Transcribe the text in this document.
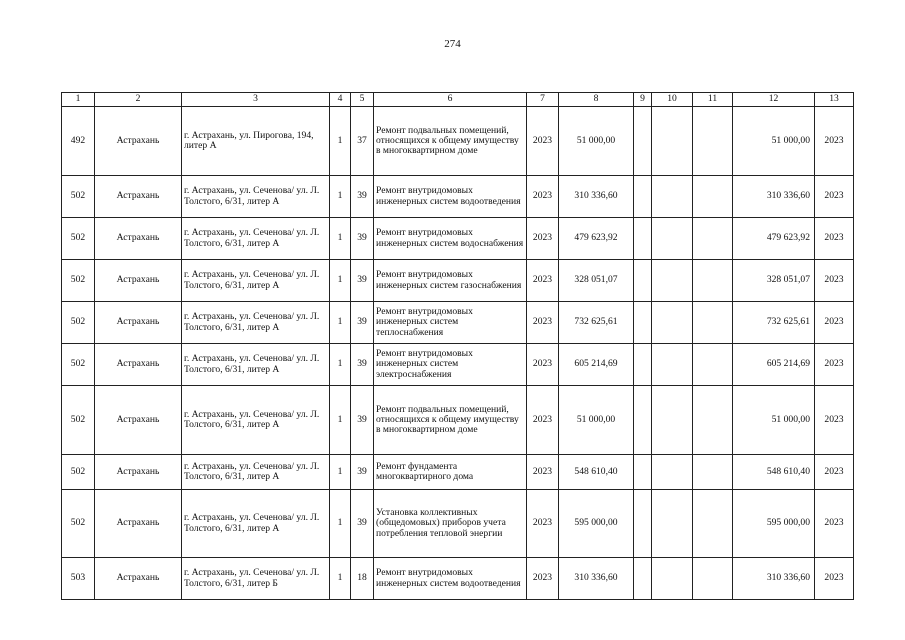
274
1	2	3	4	5	6	7	8	9	10	11	12	13
492	Астрахань	г. Астрахань, ул. Пирогова, 194, литер А	1	37	Ремонт подвальных помещений, относящихся к общему имуществу в многоквартирном доме	2023	51 000,00				51 000,00	2023
502	Астрахань	г. Астрахань, ул. Сеченова/ ул. Л. Толстого, 6/31, литер А	1	39	Ремонт внутридомовых инженерных систем водоотведения	2023	310 336,60				310 336,60	2023
502	Астрахань	г. Астрахань, ул. Сеченова/ ул. Л. Толстого, 6/31, литер А	1	39	Ремонт внутридомовых инженерных систем водоснабжения	2023	479 623,92				479 623,92	2023
502	Астрахань	г. Астрахань, ул. Сеченова/ ул. Л. Толстого, 6/31, литер А	1	39	Ремонт внутридомовых инженерных систем газоснабжения	2023	328 051,07				328 051,07	2023
502	Астрахань	г. Астрахань, ул. Сеченова/ ул. Л. Толстого, 6/31, литер А	1	39	Ремонт внутридомовых инженерных систем теплоснабжения	2023	732 625,61				732 625,61	2023
502	Астрахань	г. Астрахань, ул. Сеченова/ ул. Л. Толстого, 6/31, литер А	1	39	Ремонт внутридомовых инженерных систем электроснабжения	2023	605 214,69				605 214,69	2023
502	Астрахань	г. Астрахань, ул. Сеченова/ ул. Л. Толстого, 6/31, литер А	1	39	Ремонт подвальных помещений, относящихся к общему имуществу в многоквартирном доме	2023	51 000,00				51 000,00	2023
502	Астрахань	г. Астрахань, ул. Сеченова/ ул. Л. Толстого, 6/31, литер А	1	39	Ремонт фундамента многоквартирного дома	2023	548 610,40				548 610,40	2023
502	Астрахань	г. Астрахань, ул. Сеченова/ ул. Л. Толстого, 6/31, литер А	1	39	Установка коллективных (общедомовых) приборов учета потребления тепловой энергии	2023	595 000,00				595 000,00	2023
503	Астрахань	г. Астрахань, ул. Сеченова/ ул. Л. Толстого, 6/31, литер Б	1	18	Ремонт внутридомовых инженерных систем водоотведения	2023	310 336,60				310 336,60	2023
